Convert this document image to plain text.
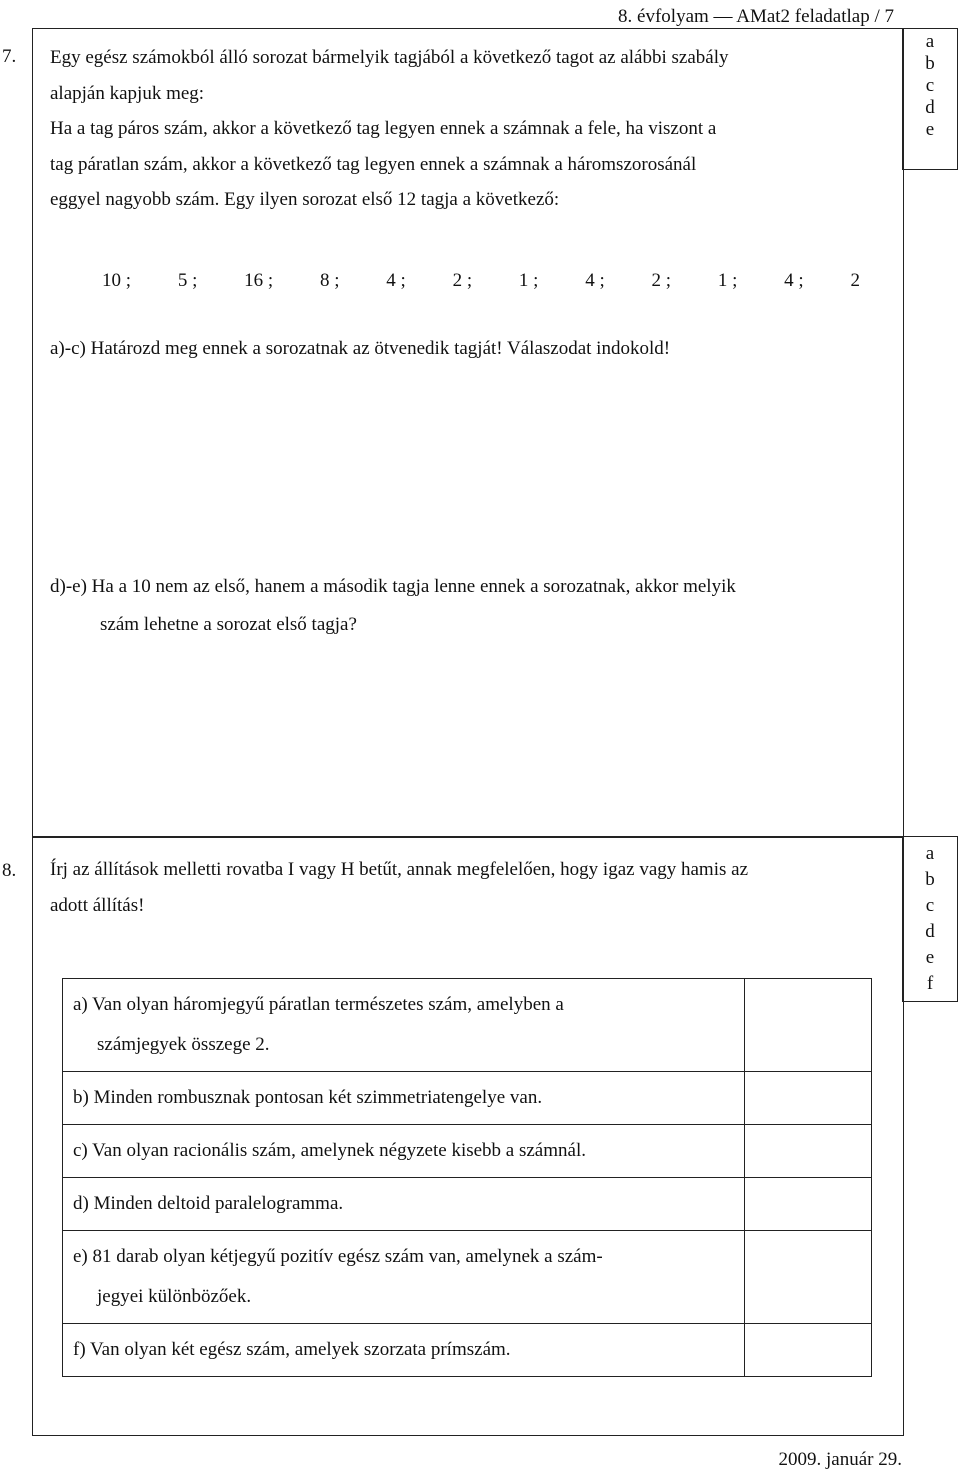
8. évfolyam — AMat2 feladatlap / 7
a
b
c
d
e
7. Egy egész számokból álló sorozat bármelyik tagjából a következő tagot az alábbi szabály
alapján kapjuk meg:
Ha a tag páros szám, akkor a következő tag legyen ennek a számnak a fele, ha viszont a
tag páratlan szám, akkor a következő tag legyen ennek a számnak a háromszorosánál
eggyel nagyobb szám. Egy ilyen sorozat első 12 tagja a következő:
10 ; 5 ; 16 ; 8 ; 4 ; 2 ; 1 ; 4 ; 2 ; 1 ; 4 ; 2
a)-c) Határozd meg ennek a sorozatnak az ötvenedik tagját! Válaszodat indokold!
d)-e) Ha a 10 nem az első, hanem a második tagja lenne ennek a sorozatnak, akkor melyik
szám lehetne a sorozat első tagja?
a
b
c
d
e
f
8. Írj az állítások melletti rovatba I vagy H betűt, annak megfelelően, hogy igaz vagy hamis az
adott állítás!
a) Van olyan háromjegyű páratlan természetes szám, amelyben a
számjegyek összege 2.	

b) Minden rombusznak pontosan két szimmetriatengelye van.	
c) Van olyan racionális szám, amelynek négyzete kisebb a számnál.	
d) Minden deltoid paralelogramma.	
e) 81 darab olyan kétjegyű pozitív egész szám van, amelynek a szám-
jegyei különbözőek.	

f) Van olyan két egész szám, amelyek szorzata prímszám.	
2009. január 29.
